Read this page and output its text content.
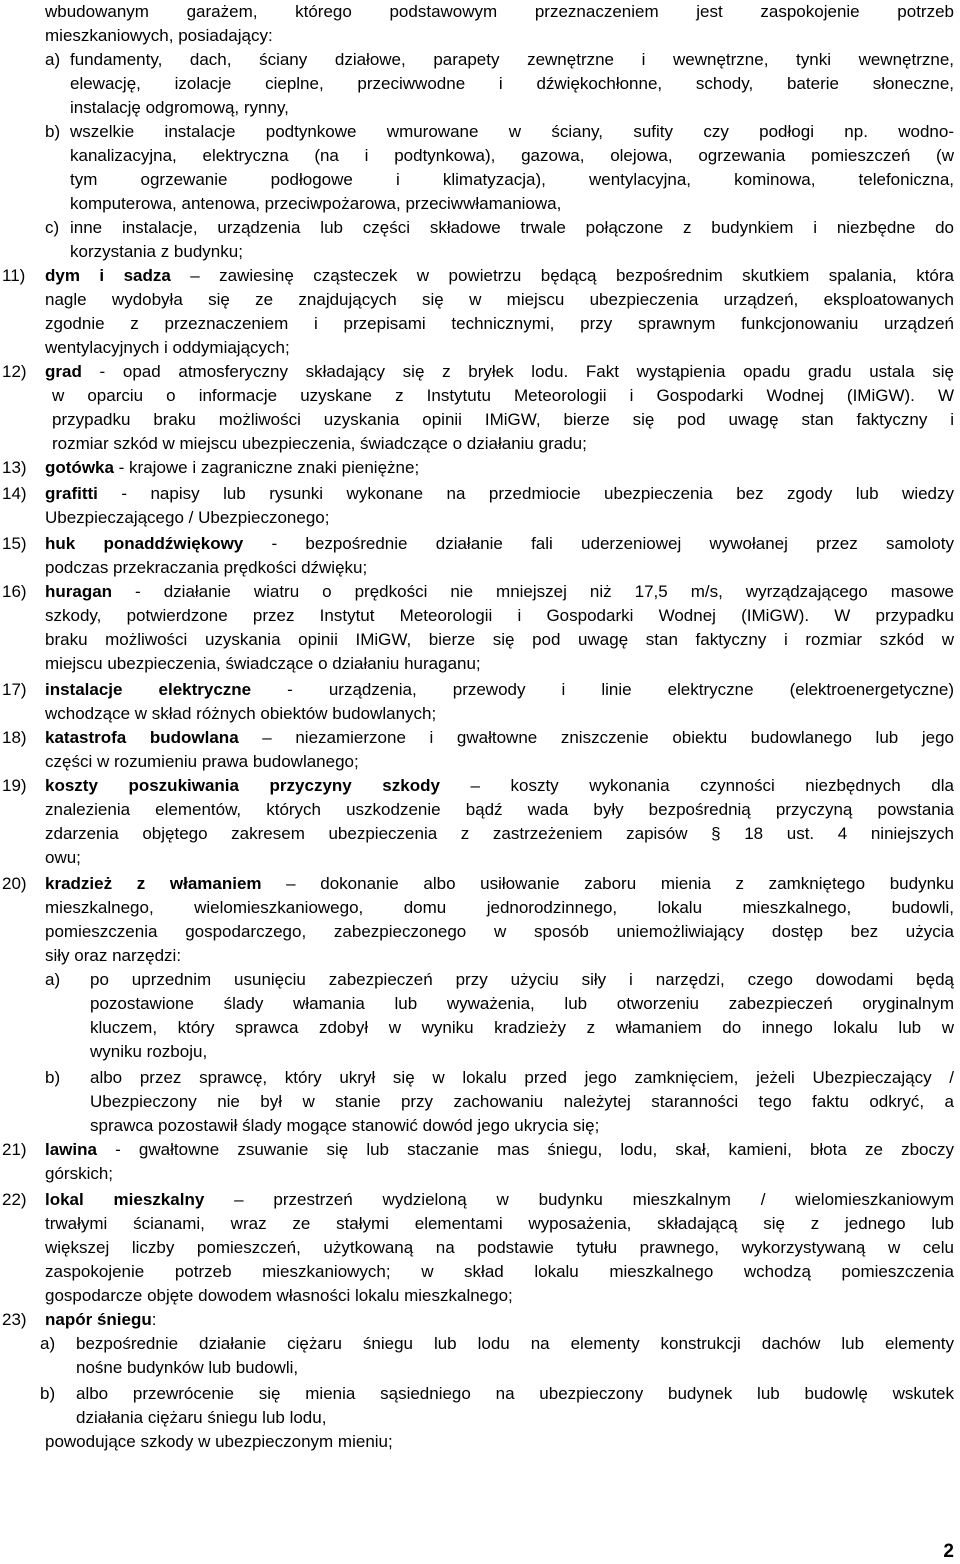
wbudowanym garażem, którego podstawowym przeznaczeniem jest zaspokojenie potrzeb
mieszkaniowych, posiadający:
a) fundamenty, dach, ściany działowe, parapety zewnętrzne i wewnętrzne, tynki wewnętrzne,
elewację, izolacje cieplne, przeciwwodne i dźwiękochłonne, schody, baterie słoneczne,
instalację odgromową, rynny,
b) wszelkie instalacje podtynkowe wmurowane w ściany, sufity czy podłogi np. wodno-
kanalizacyjna, elektryczna (na i podtynkowa), gazowa, olejowa, ogrzewania pomieszczeń (w
tym ogrzewanie podłogowe i klimatyzacja), wentylacyjna, kominowa, telefoniczna,
komputerowa, antenowa, przeciwpożarowa, przeciwwłamaniowa,
c) inne instalacje, urządzenia lub części składowe trwale połączone z budynkiem i niezbędne do
korzystania z budynku;
11)	dym i sadza – zawiesinę cząsteczek w powietrzu będącą bezpośrednim skutkiem spalania, która
nagle wydobyła się ze znajdujących się w miejscu ubezpieczenia urządzeń, eksploatowanych
zgodnie z przeznaczeniem i przepisami technicznymi, przy sprawnym funkcjonowaniu urządzeń
wentylacyjnych i oddymiających;
12)	grad - opad atmosferyczny składający się z bryłek lodu. Fakt wystąpienia opadu gradu ustala się
w oparciu o informacje uzyskane z Instytutu Meteorologii i Gospodarki Wodnej (IMiGW). W
przypadku braku możliwości uzyskania opinii IMiGW, bierze się pod uwagę stan faktyczny i
rozmiar szkód w miejscu ubezpieczenia, świadczące o działaniu gradu;
13)	gotówka - krajowe i zagraniczne znaki pieniężne;
14)	grafitti - napisy lub rysunki wykonane na przedmiocie ubezpieczenia bez zgody lub wiedzy
Ubezpieczającego / Ubezpieczonego;
15)	huk ponaddźwiękowy - bezpośrednie działanie fali uderzeniowej wywołanej przez samoloty
podczas przekraczania prędkości dźwięku;
16)	huragan - działanie wiatru o prędkości nie mniejszej niż 17,5 m/s, wyrządzającego masowe
szkody, potwierdzone przez Instytut Meteorologii i Gospodarki Wodnej (IMiGW). W przypadku
braku możliwości uzyskania opinii IMiGW, bierze się pod uwagę stan faktyczny i rozmiar szkód w
miejscu ubezpieczenia, świadczące o działaniu huraganu;
17)	instalacje elektryczne - urządzenia, przewody i linie elektryczne (elektroenergetyczne)
wchodzące w skład różnych obiektów budowlanych;
18)	katastrofa budowlana – niezamierzone i gwałtowne zniszczenie obiektu budowlanego lub jego
części w rozumieniu prawa budowlanego;
19)	koszty poszukiwania przyczyny szkody – koszty wykonania czynności niezbędnych dla
znalezienia elementów, których uszkodzenie bądź wada były bezpośrednią przyczyną powstania
zdarzenia objętego zakresem ubezpieczenia z zastrzeżeniem zapisów § 18 ust. 4 niniejszych
owu;
20)	kradzież z włamaniem – dokonanie albo usiłowanie zaboru mienia z zamkniętego budynku
mieszkalnego, wielomieszkaniowego, domu jednorodzinnego, lokalu mieszkalnego, budowli,
pomieszczenia gospodarczego, zabezpieczonego w sposób uniemożliwiający dostęp bez użycia
siły oraz narzędzi:
a)	po uprzednim usunięciu zabezpieczeń przy użyciu siły i narzędzi, czego dowodami będą
pozostawione ślady włamania lub wyważenia, lub otworzeniu zabezpieczeń oryginalnym
kluczem, który sprawca zdobył w wyniku kradzieży z włamaniem do innego lokalu lub w
wyniku rozboju,
b)	albo przez sprawcę, który ukrył się w lokalu przed jego zamknięciem, jeżeli Ubezpieczający /
Ubezpieczony nie był w stanie przy zachowaniu należytej staranności tego faktu odkryć, a
sprawca pozostawił ślady mogące stanowić dowód jego ukrycia się;
21)	lawina - gwałtowne zsuwanie się lub staczanie mas śniegu, lodu, skał, kamieni, błota ze zboczy
górskich;
22)	lokal mieszkalny – przestrzeń wydzieloną w budynku mieszkalnym / wielomieszkaniowym
trwałymi ścianami, wraz ze stałymi elementami wyposażenia, składającą się z jednego lub
większej liczby pomieszczeń, użytkowaną na podstawie tytułu prawnego, wykorzystywaną w celu
zaspokojenie potrzeb mieszkaniowych; w skład lokalu mieszkalnego wchodzą pomieszczenia
gospodarcze objęte dowodem własności lokalu mieszkalnego;
23)	napór śniegu:
a)	bezpośrednie działanie ciężaru śniegu lub lodu na elementy konstrukcji dachów lub elementy
nośne budynków lub budowli,
b)	albo przewrócenie się mienia sąsiedniego na ubezpieczony budynek lub budowlę wskutek
działania ciężaru śniegu lub lodu,
powodujące szkody w ubezpieczonym mieniu;
2
